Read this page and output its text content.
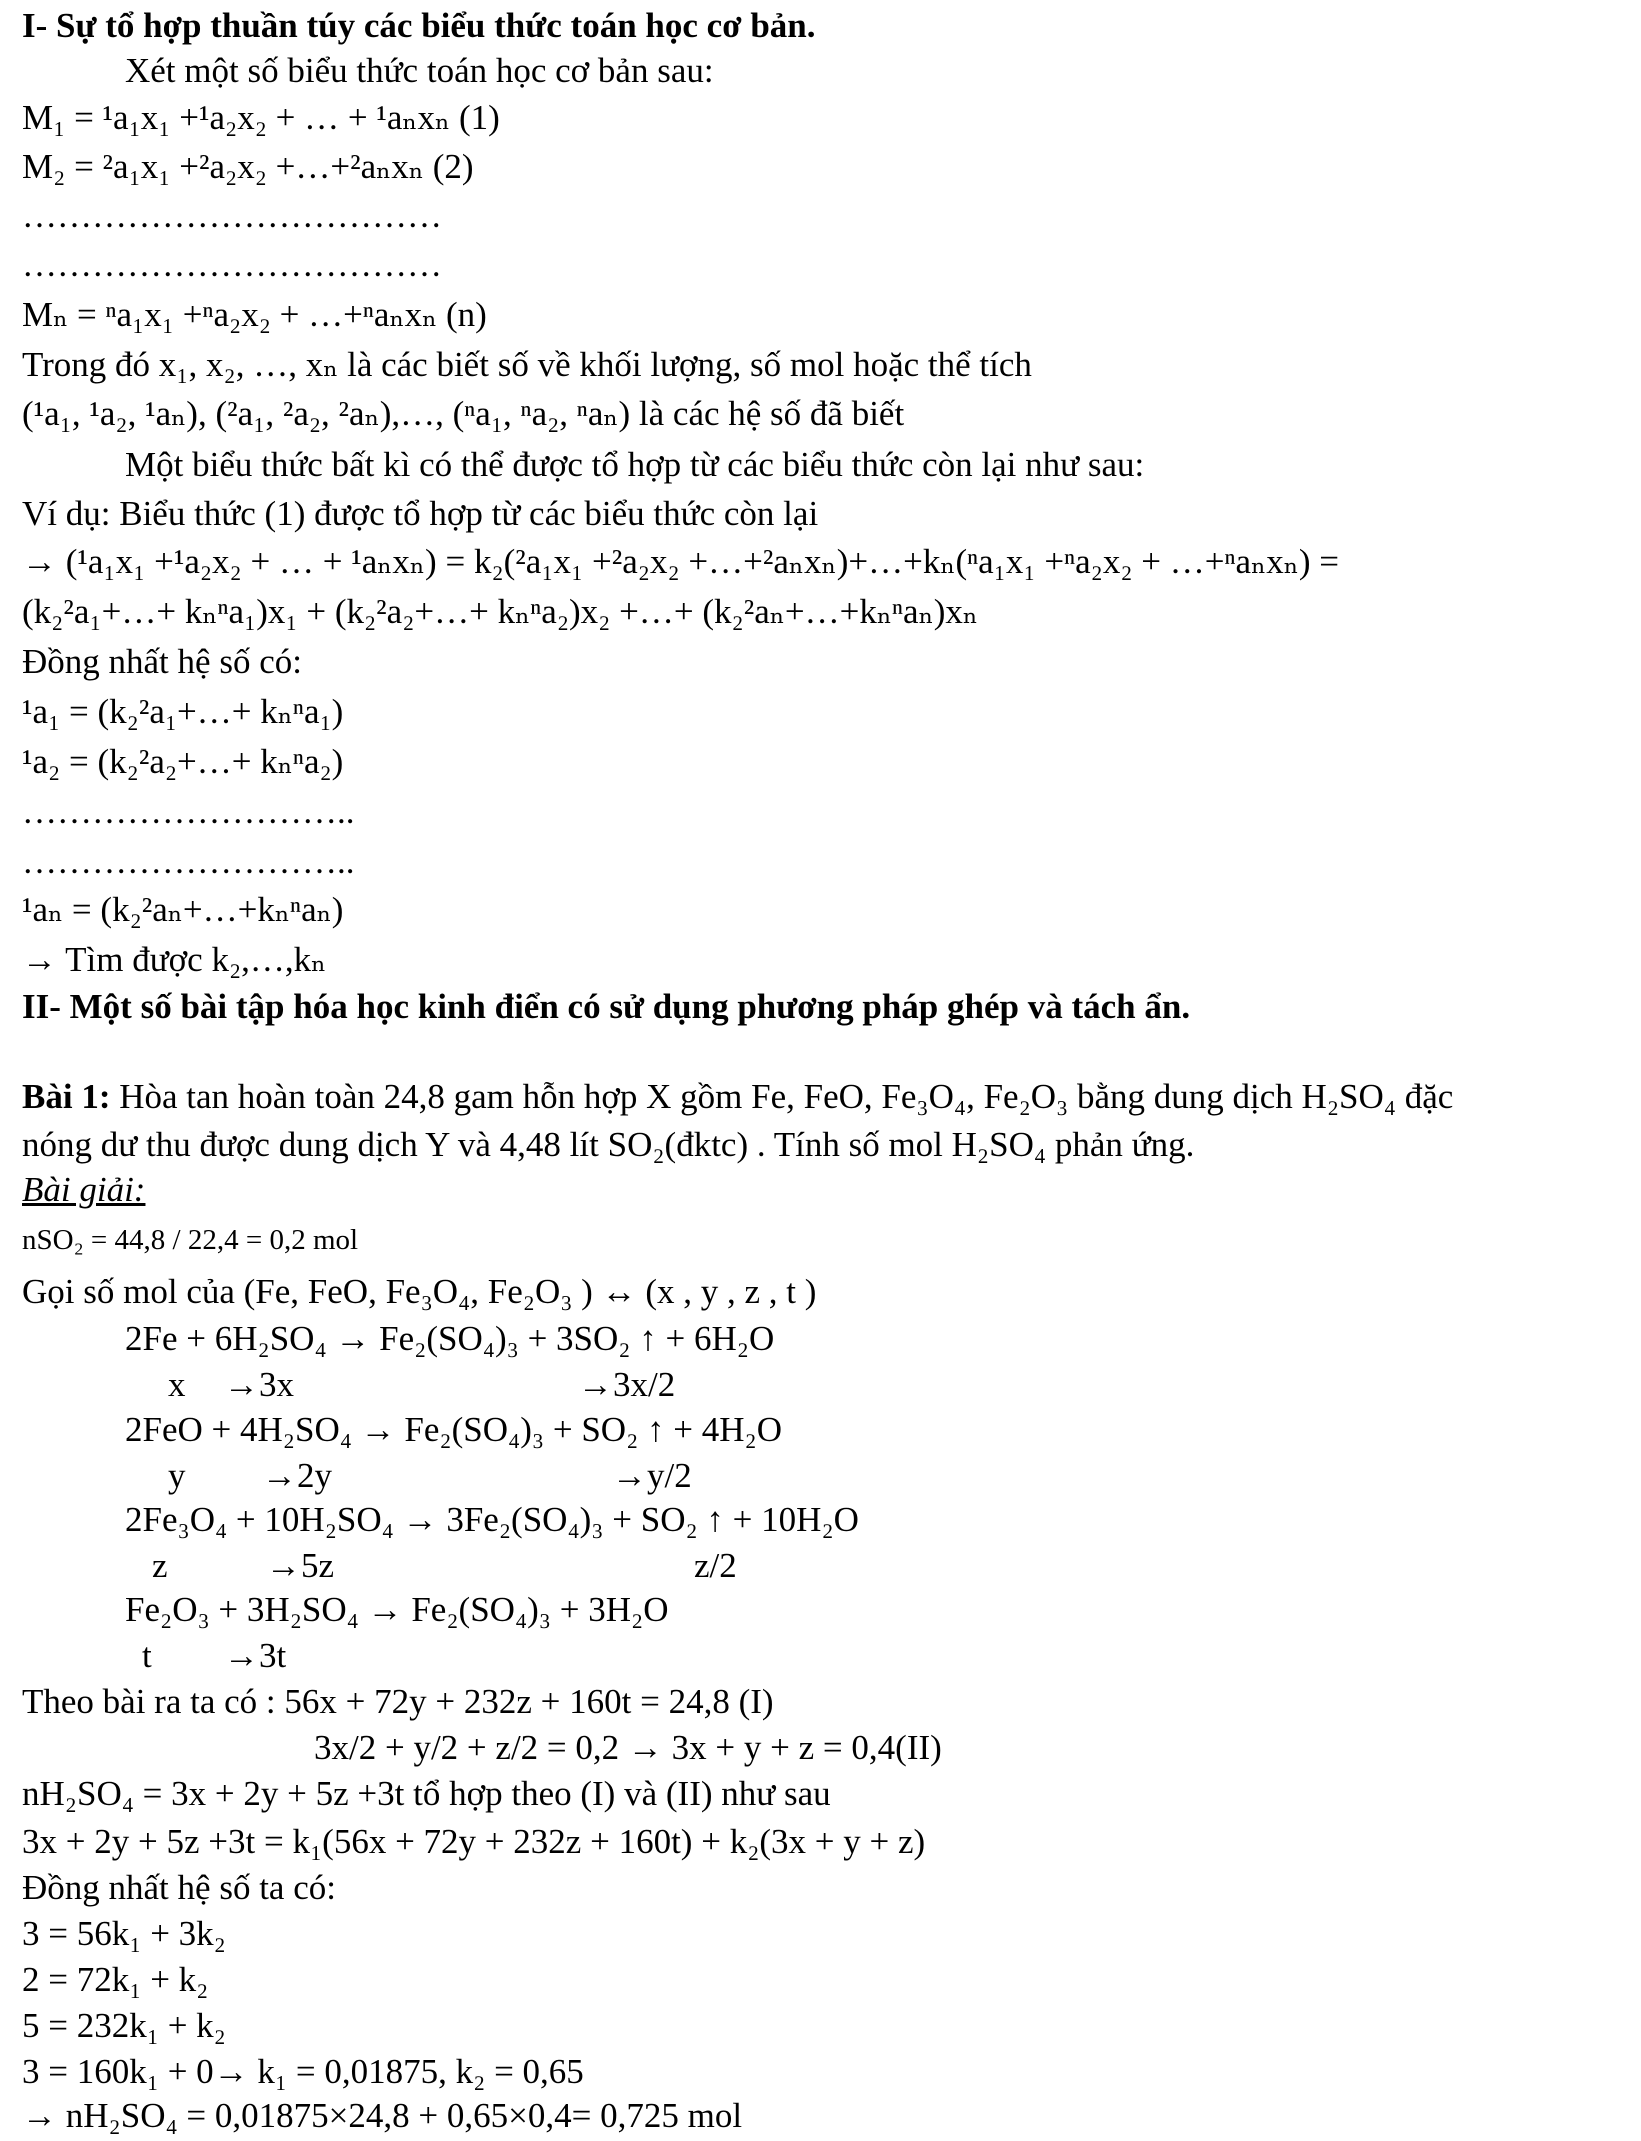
I- Sự tổ hợp thuần túy các biểu thức toán học cơ bản.
Xét một số biểu thức toán học cơ bản sau:
M₁ = ¹a₁x₁ +¹a₂x₂ + … + ¹aₙxₙ (1)
M₂ = ²a₁x₁ +²a₂x₂ +…+²aₙxₙ (2)
………………………………
………………………………
Mₙ = ⁿa₁x₁ +ⁿa₂x₂ + …+ⁿaₙxₙ (n)
Trong đó x₁, x₂, …, xₙ là các biết số về khối lượng, số mol hoặc thể tích
(¹a₁, ¹a₂, ¹aₙ), (²a₁, ²a₂, ²aₙ),…, (ⁿa₁, ⁿa₂, ⁿaₙ) là các hệ số đã biết
Một biểu thức bất kì có thể được tổ hợp từ các biểu thức còn lại như sau:
Ví dụ: Biểu thức (1) được tổ hợp từ các biểu thức còn lại
→ (¹a₁x₁ +¹a₂x₂ + … + ¹aₙxₙ) = k₂(²a₁x₁ +²a₂x₂ +…+²aₙxₙ)+…+kₙ(ⁿa₁x₁ +ⁿa₂x₂ + …+ⁿaₙxₙ) =
(k₂²a₁+…+ kₙⁿa₁)x₁ + (k₂²a₂+…+ kₙⁿa₂)x₂ +…+ (k₂²aₙ+…+kₙⁿaₙ)xₙ
Đồng nhất hệ số có:
¹a₁ = (k₂²a₁+…+ kₙⁿa₁)
¹a₂ = (k₂²a₂+…+ kₙⁿa₂)
………………………..
………………………..
¹aₙ = (k₂²aₙ+…+kₙⁿaₙ)
→ Tìm được k₂,…,kₙ
II- Một số bài tập hóa học kinh điển có sử dụng phương pháp ghép và tách ẩn.
Bài 1: Hòa tan hoàn toàn 24,8 gam hỗn hợp X gồm Fe, FeO, Fe₃O₄, Fe₂O₃ bằng dung dịch H₂SO₄ đặc
nóng dư thu được dung dịch Y và 4,48 lít SO₂(đktc) . Tính số mol H₂SO₄ phản ứng.
Bài giải:
nSO₂ = 44,8 / 22,4 = 0,2 mol
Gọi số mol của (Fe, FeO, Fe₃O₄, Fe₂O₃ ) ↔ (x , y , z , t )
2Fe + 6H₂SO₄ → Fe₂(SO₄)₃ + 3SO₂ ↑ + 6H₂O
x →3x	→3x/2
2FeO + 4H₂SO₄ → Fe₂(SO₄)₃ + SO₂ ↑ + 4H₂O
y →2y	→y/2
2Fe₃O₄ + 10H₂SO₄ → 3Fe₂(SO₄)₃ + SO₂ ↑ + 10H₂O
z	→5z	z/2
Fe₂O₃ + 3H₂SO₄ → Fe₂(SO₄)₃ + 3H₂O
t →3t
Theo bài ra ta có : 56x + 72y + 232z + 160t = 24,8 (I)
3x/2 + y/2 + z/2 = 0,2 → 3x + y + z = 0,4(II)
nH₂SO₄ = 3x + 2y + 5z +3t tổ hợp theo (I) và (II) như sau
3x + 2y + 5z +3t = k₁(56x + 72y + 232z + 160t) + k₂(3x + y + z)
Đồng nhất hệ số ta có:
3 = 56k₁ + 3k₂
2 = 72k₁ + k₂
5 = 232k₁ + k₂
3 = 160k₁ + 0→ k₁ = 0,01875, k₂ = 0,65
→ nH₂SO₄ = 0,01875×24,8 + 0,65×0,4= 0,725 mol
